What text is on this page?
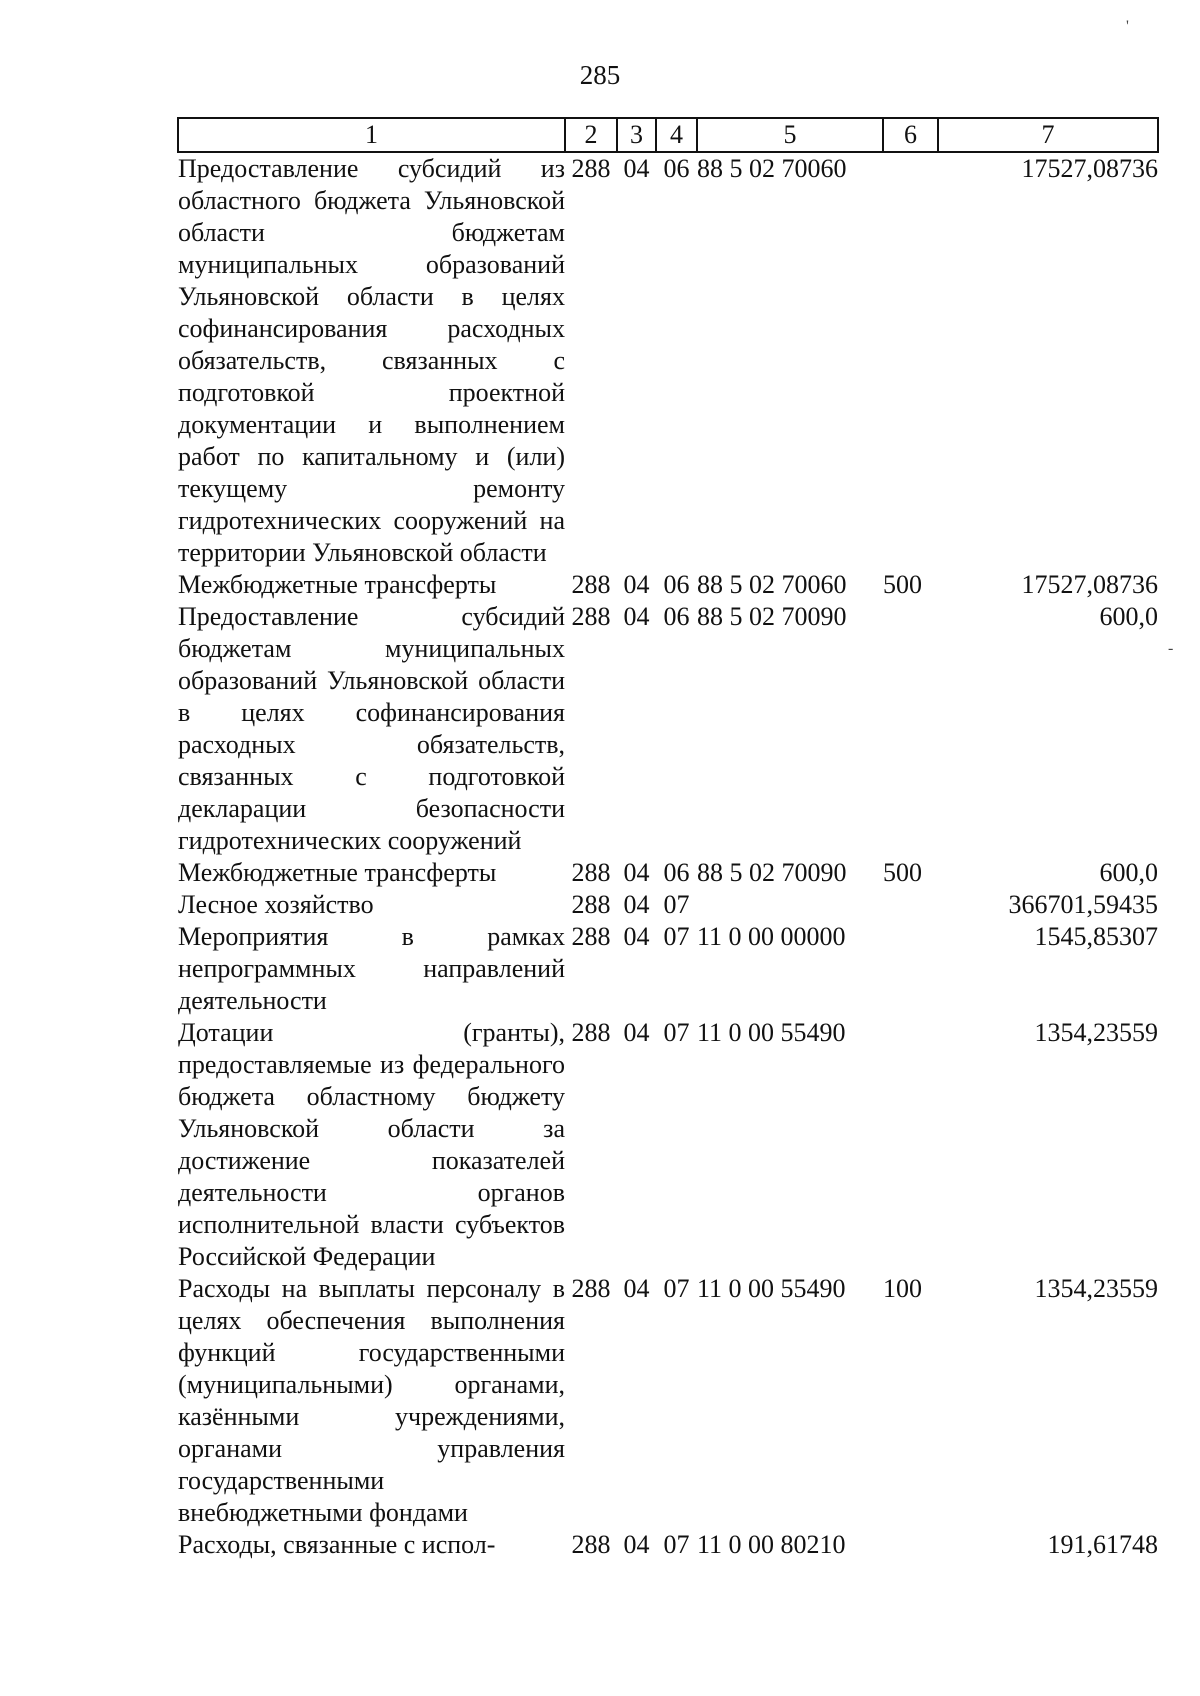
285
'
-
1	2	3	4	5	6	7
Предоставление субсидий из областного бюджета Ульяновской области бюджетам муниципальных образований Ульяновской области в целях софинансирования расходных обязательств, связанных с подготовкой проектной документации и выполнением работ по капитальному и (или) текущему ремонту гидротехнических сооружений на территории Ульяновской области	288	04	06	88 5 02 70060		17527,08736
Межбюджетные трансферты	288	04	06	88 5 02 70060	500	17527,08736
Предоставление субсидий бюджетам муниципальных образований Ульяновской области в целях софинансирования расходных обязательств, связанных с подготовкой декларации безопасности гидротехнических сооружений	288	04	06	88 5 02 70090		600,0
Межбюджетные трансферты	288	04	06	88 5 02 70090	500	600,0
Лесное хозяйство	288	04	07			366701,59435
Мероприятия в рамках непрограммных направлений деятельности	288	04	07	11 0 00 00000		1545,85307
Дотации (гранты), предоставляемые из федерального бюджета областному бюджету Ульяновской области за достижение показателей деятельности органов исполнительной власти субъектов Российской Федерации	288	04	07	11 0 00 55490		1354,23559
Расходы на выплаты персоналу в целях обеспечения выполнения функций государственными (муниципальными) органами, казёнными учреждениями, органами управления государственными внебюджетными фондами	288	04	07	11 0 00 55490	100	1354,23559
Расходы, связанные с испол-	288	04	07	11 0 00 80210		191,61748
